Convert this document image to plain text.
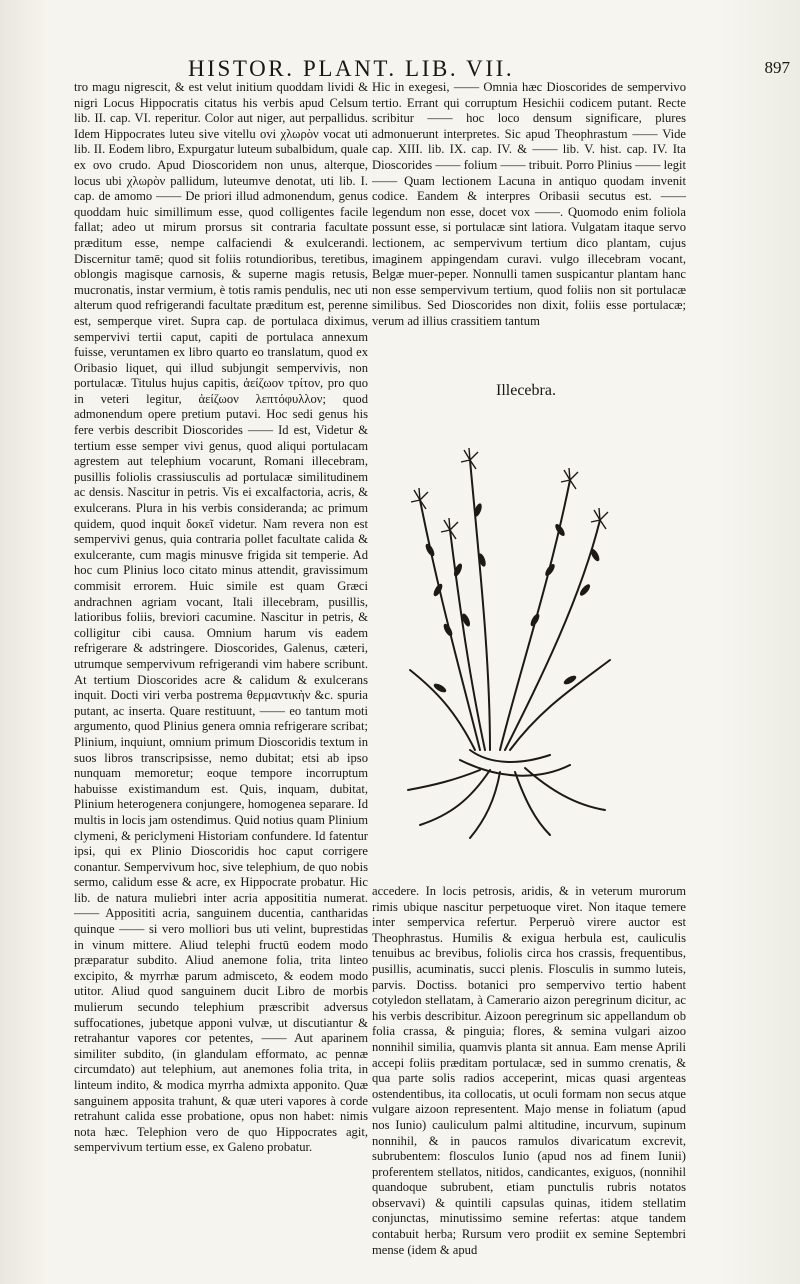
HISTOR. PLANT. LIB. VII.	897

tro magu nigrescit, & est velut initium quoddam lividi & nigri Locus Hippocratis citatus his verbis apud Celsum lib. II. cap. VI. reperitur. Color aut niger, aut perpallidus. Idem Hippocrates luteu sive vitellu ovi χλωρὸν vocat uti lib. II. Eodem libro, Expurgatur luteum subalbidum, quale ex ovo crudo. Apud Dioscoridem non unus, alterque, locus ubi χλωρὸν pallidum, luteumve denotat, uti lib. I. cap. de amomo —— De priori illud admonendum, genus quoddam huic simillimum esse, quod colligentes facile fallat; adeo ut mirum prorsus sit contraria facultate præditum esse, nempe calfaciendi & exulcerandi. Discernitur tamē; quod sit foliis rotundioribus, teretibus, oblongis magisque carnosis, & superne magis retusis, mucronatis, instar vermium, è totis ramis pendulis, nec uti alterum quod refrigerandi facultate præditum est, perenne est, semperque viret. Supra cap. de portulaca diximus, sempervivi tertii caput, capiti de portulaca annexum fuisse, veruntamen ex libro quarto eo translatum, quod ex Oribasio liquet, qui illud subjungit sempervivis, non portulacæ. Titulus hujus capitis, ἀείζωον τρίτον, pro quo in veteri legitur, ἀείζωον λεπτόφυλλον; quod admonendum opere pretium putavi. Hoc sedi genus his fere verbis describit Dioscorides —— Id est, Videtur & tertium esse semper vivi genus, quod aliqui portulacam agrestem aut telephium vocarunt, Romani illecebram, pusillis foliolis crassiusculis ad portulacæ similitudinem ac densis. Nascitur in petris. Vis ei excalfactoria, acris, & exulcerans. Plura in his verbis consideranda; ac primum quidem, quod inquit δοκεῖ videtur. Nam revera non est sempervivi genus, quia contraria pollet facultate calida & exulcerante, cum magis minusve frigida sit temperie. Ad hoc cum Plinius loco citato minus attendit, gravissimum commisit errorem. Huic simile est quam Græci andrachnen agriam vocant, Itali illecebram, pusillis, latioribus foliis, breviori cacumine. Nascitur in petris, & colligitur cibi causa. Omnium harum vis eadem refrigerare & adstringere. Dioscorides, Galenus, cæteri, utrumque sempervivum refrigerandi vim habere scribunt. At tertium Dioscorides acre & calidum & exulcerans inquit. Docti viri verba postrema θερμαντικὴν &c. spuria putant, ac inserta. Quare restituunt, —— eo tantum moti argumento, quod Plinius genera omnia refrigerare scribat; Plinium, inquiunt, omnium primum Dioscoridis textum in suos libros transcripsisse, nemo dubitat; etsi ab ipso nunquam memoretur; eoque tempore incorruptum habuisse existimandum est. Quis, inquam, dubitat, Plinium heterogenera conjungere, homogenea separare. Id multis in locis jam ostendimus. Quid notius quam Plinium clymeni, & periclymeni Historiam confundere. Id fatentur ipsi, qui ex Plinio Dioscoridis hoc caput corrigere conantur. Sempervivum hoc, sive telephium, de quo nobis sermo, calidum esse & acre, ex Hippocrate probatur. Hic lib. de natura muliebri inter acria apposititia numerat. —— Apposititi acria, sanguinem ducentia, cantharidas quinque —— si vero molliori bus uti velint, buprestidas in vinum mittere. Aliud telephi fructū eodem modo præparatur subdito. Aliud anemone folia, trita linteo excipito, & myrrhæ parum admisceto, & eodem modo utitor. Aliud quod sanguinem ducit Libro de morbis mulierum secundo telephium præscribit adversus suffocationes, jubetque apponi vulvæ, ut discutiantur & retrahantur vapores cor petentes, —— Aut aparinem similiter subdito, (in glandulam efformato, ac pennæ circumdato) aut telephium, aut anemones folia trita, in linteum indito, & modica myrrha admixta apponito. Quæ sanguinem apposita trahunt, & quæ uteri vapores à corde retrahunt calida esse probatione, opus non habet: nimis nota hæc. Telephion vero de quo Hippocrates agit, sempervivum tertium esse, ex Galeno probatur.

Hic in exegesi, —— Omnia hæc Dioscorides de sempervivo tertio. Errant qui corruptum Hesichii codicem putant. Recte scribitur —— hoc loco densum significare, plures admonuerunt interpretes. Sic apud Theophrastum —— Vide cap. XIII. lib. IX. cap. IV. & —— lib. V. hist. cap. IV. Ita Dioscorides —— folium —— tribuit. Porro Plinius —— legit —— Quam lectionem Lacuna in antiquo quodam invenit codice. Eandem & interpres Oribasii secutus est. —— legendum non esse, docet vox ——. Quomodo enim foliola possunt esse, si portulacæ sint latiora. Vulgatam itaque servo lectionem, ac sempervivum tertium dico plantam, cujus imaginem appingendam curavi. vulgo illecebram vocant, Belgæ muer-peper. Nonnulli tamen suspicantur plantam hanc non esse sempervivum tertium, quod foliis non sit portulacæ similibus. Sed Dioscorides non dixit, foliis esse portulacæ; verum ad illius crassitiem tantum

Illecebra.

accedere. In locis petrosis, aridis, & in veterum murorum rimis ubique nascitur perpetuoque viret. Non itaque temere inter sempervica refertur. Perperuò virere auctor est Theophrastus. Humilis & exigua herbula est, cauliculis tenuibus ac brevibus, foliolis circa hos crassis, frequentibus, pusillis, acuminatis, succi plenis. Flosculis in summo luteis, parvis. Doctiss. botanici pro sempervivo tertio habent cotyledon stellatam, à Camerario aizon peregrinum dicitur, ac his verbis describitur. Aizoon peregrinum sic appellandum ob folia crassa, & pinguia; flores, & semina vulgari aizoo nonnihil similia, quamvis planta sit annua. Eam mense Aprili accepi foliis præditam portulacæ, sed in summo crenatis, & qua parte solis radios acceperint, micas quasi argenteas ostendentibus, ita collocatis, ut oculi formam non secus atque vulgare aizoon representent. Majo mense in foliatum (apud nos Iunio) cauliculum palmi altitudine, incurvum, supinum nonnihil, & in paucos ramulos divaricatum excrevit, subrubentem: flosculos Iunio (apud nos ad finem Iunii) proferentem stellatos, nitidos, candicantes, exiguos, (nonnihil quandoque subrubent, etiam punctulis rubris notatos observavi) & quintili capsulas quinas, itidem stellatim conjunctas, minutissimo semine refertas: atque tandem contabuit herba; Rursum vero prodiit ex semine Septembri mense (idem & apud
